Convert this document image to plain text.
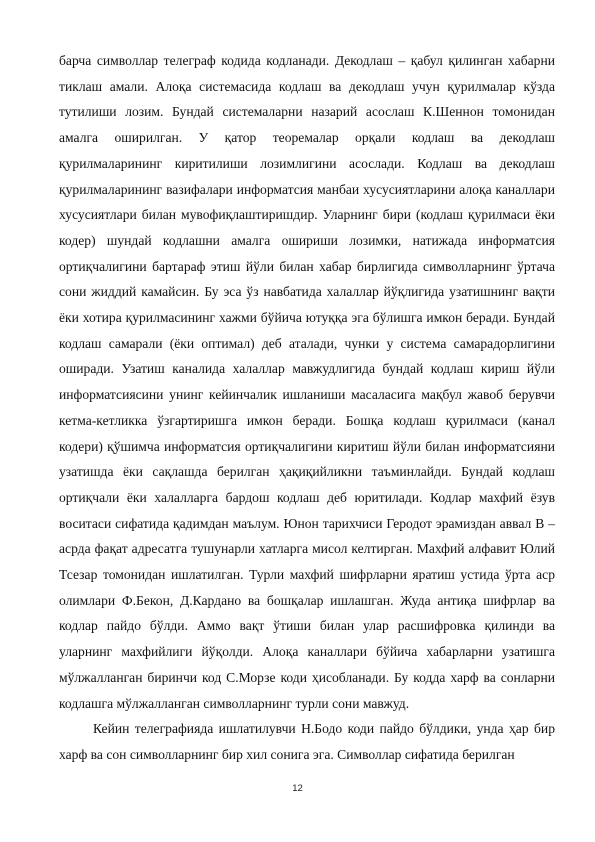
барча символлар телеграф кодида кодланади. Декодлаш – қабул қилинган хабарни тиклаш амали. Алоқа системасида кодлаш ва декодлаш учун қурилмалар кўзда тутилиши лозим. Бундай системаларни назарий асослаш К.Шеннон томонидан амалга оширилган. У қатор теоремалар орқали кодлаш ва декодлаш қурилмаларининг киритилиши лозимлигини асослади. Кодлаш ва декодлаш қурилмаларининг вазифалари информатсия манбаи хусусиятларини алоқа каналлари хусусиятлари билан мувофиқлаштиришдир. Уларнинг бири (кодлаш қурилмаси ёки кодер) шундай кодлашни амалга ошириши лозимки, натижада информатсия ортиқчалигини бартараф этиш йўли билан хабар бирлигида символларнинг ўртача сони жиддий камайсин. Бу эса ўз навбатида халаллар йўқлигида узатишнинг вақти ёки хотира қурилмасининг хажми бўйича ютуққа эга бўлишга имкон беради. Бундай кодлаш самарали (ёки оптимал) деб аталади, чунки у система самарадорлигини оширади. Узатиш каналида халаллар мавжудлигида бундай кодлаш кириш йўли информатсиясини унинг кейинчалик ишланиши масаласига мақбул жавоб берувчи кетма-кетликка ўзгартиришга имкон беради. Бошқа кодлаш қурилмаси (канал кодери) қўшимча информатсия ортиқчалигини киритиш йўли билан информатсияни узатишда ёки сақлашда берилган ҳақиқийликни таъминлайди. Бундай кодлаш ортиқчали ёки халалларга бардош кодлаш деб юритилади. Кодлар махфий ёзув воситаси сифатида қадимдан маълум. Юнон тарихчиси Геродот эрамиздан аввал В – асрда фақат адресатга тушунарли хатларга мисол келтирган. Махфий алфавит Юлий Тсезар томонидан ишлатилган. Турли махфий шифрларни яратиш устида ўрта аср олимлари Ф.Бекон, Д.Кардано ва бошқалар ишлашган. Жуда антиқа шифрлар ва кодлар пайдо бўлди. Аммо вақт ўтиши билан улар расшифровка қилинди ва уларнинг махфийлиги йўқолди. Алоқа каналлари бўйича хабарларни узатишга мўлжалланган биринчи код С.Морзе коди ҳисобланади. Бу кодда харф ва сонларни кодлашга мўлжалланган символларнинг турли сони мавжуд.

Кейин телеграфияда ишлатилувчи Н.Бодо коди пайдо бўлдики, унда ҳар бир харф ва сон символларнинг бир хил сонига эга. Символлар сифатида берилган

12
